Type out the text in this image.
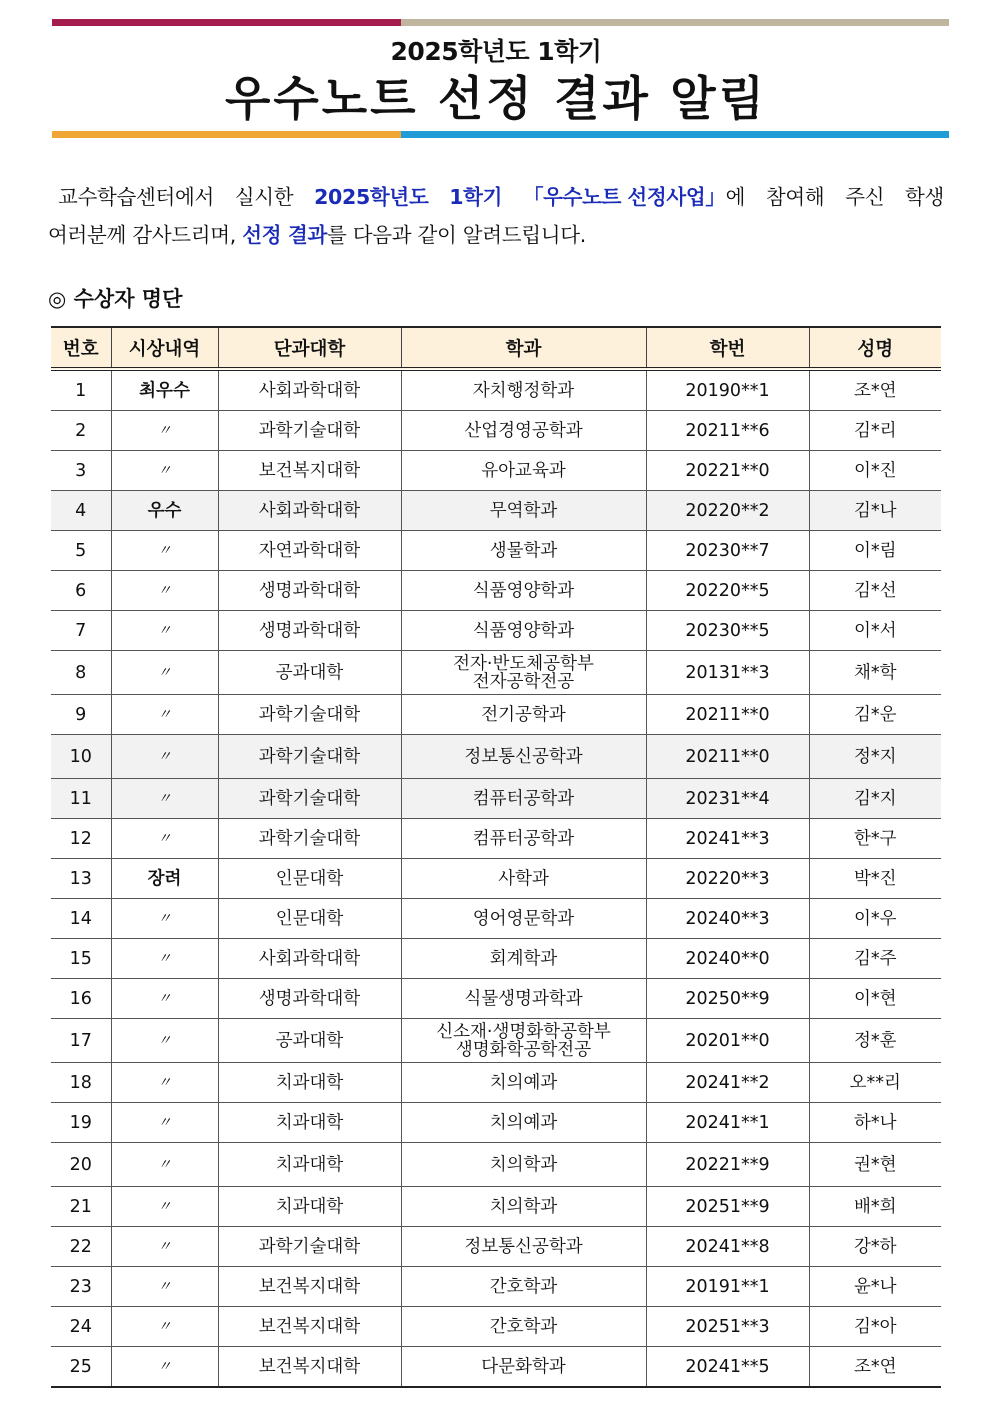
2025학년도 1학기
우수노트 선정 결과 알림
교수학습센터에서 실시한 2025학년도 1학기 「우수노트 선정사업」에 참여해 주신 학생
여러분께 감사드리며, 선정 결과를 다음과 같이 알려드립니다.
◎ 수상자 명단
번호	시상내역	단과대학	학과	학번	성명
1	최우수	사회과학대학	자치행정학과	20190**1	조*연
2	〃	과학기술대학	산업경영공학과	20211**6	김*리
3	〃	보건복지대학	유아교육과	20221**0	이*진
4	우수	사회과학대학	무역학과	20220**2	김*나
5	〃	자연과학대학	생물학과	20230**7	이*림
6	〃	생명과학대학	식품영양학과	20220**5	김*선
7	〃	생명과학대학	식품영양학과	20230**5	이*서
8	〃	공과대학	전자·반도체공학부
전자공학전공	20131**3	채*학
9	〃	과학기술대학	전기공학과	20211**0	김*운
10	〃	과학기술대학	정보통신공학과	20211**0	정*지
11	〃	과학기술대학	컴퓨터공학과	20231**4	김*지
12	〃	과학기술대학	컴퓨터공학과	20241**3	한*구
13	장려	인문대학	사학과	20220**3	박*진
14	〃	인문대학	영어영문학과	20240**3	이*우
15	〃	사회과학대학	회계학과	20240**0	김*주
16	〃	생명과학대학	식물생명과학과	20250**9	이*현
17	〃	공과대학	신소재·생명화학공학부
생명화학공학전공	20201**0	정*훈
18	〃	치과대학	치의예과	20241**2	오**리
19	〃	치과대학	치의예과	20241**1	하*나
20	〃	치과대학	치의학과	20221**9	권*현
21	〃	치과대학	치의학과	20251**9	배*희
22	〃	과학기술대학	정보통신공학과	20241**8	강*하
23	〃	보건복지대학	간호학과	20191**1	윤*나
24	〃	보건복지대학	간호학과	20251**3	김*아
25	〃	보건복지대학	다문화학과	20241**5	조*연
